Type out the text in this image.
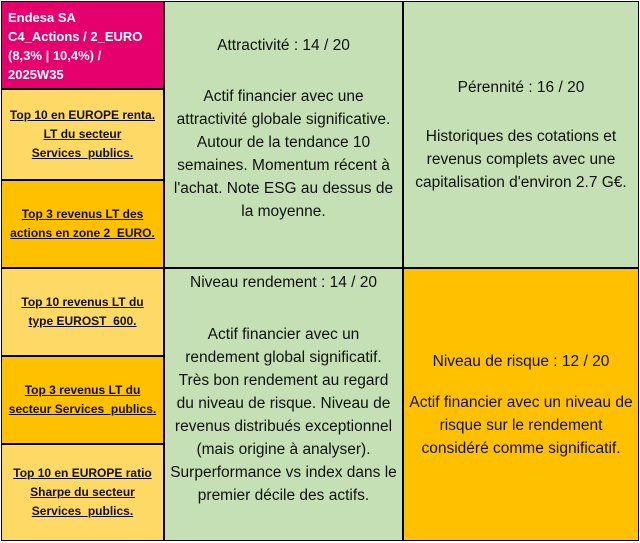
Endesa SA
C4_Actions / 2_EURO
(8,3% | 10,4%) / 2025W35
Top 10 en EUROPE renta. LT du secteur Services_publics.
Top 3 revenus LT des actions en zone 2_EURO.
Top 10 revenus LT du type EUROST_600.
Top 3 revenus LT du secteur Services_publics.
Top 10 en EUROPE ratio Sharpe du secteur Services_publics.
Attractivité : 14 / 20
Actif financier avec une attractivité globale significative. Autour de la tendance 10 semaines. Momentum récent à l'achat. Note ESG au dessus de la moyenne.
Pérennité : 16 / 20
Historiques des cotations et revenus complets avec une capitalisation d'environ 2.7 G€.
Niveau rendement : 14 / 20
Actif financier avec un rendement global significatif. Très bon rendement au regard du niveau de risque. Niveau de revenus distribués exceptionnel (mais origine à analyser). Surperformance vs index dans le premier décile des actifs.
Niveau de risque : 12 / 20
Actif financier avec un niveau de risque sur le rendement considéré comme significatif.
